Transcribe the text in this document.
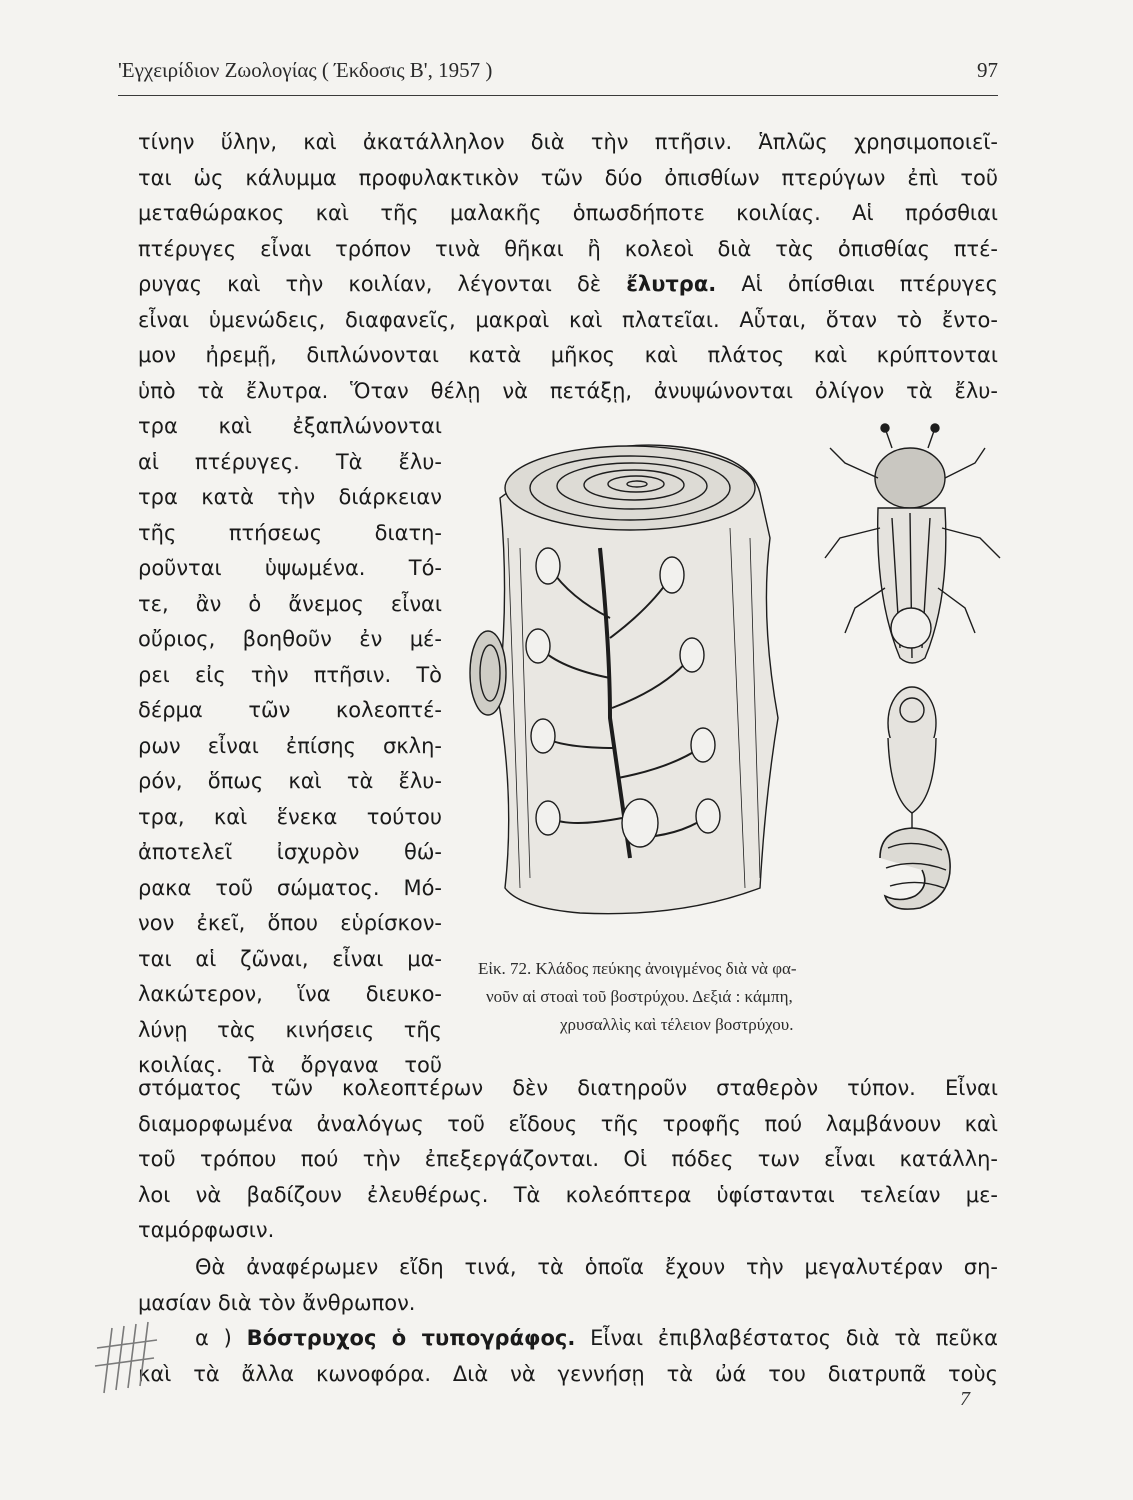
'Εγχειρίδιον Ζωολογίας ( Έκδοσις Β', 1957 )	97
τίνην ὕλην, καὶ ἀκατάλληλον διὰ τὴν πτῆσιν. Ἁπλῶς χρησιμοποιεῖ-
ται ὡς κάλυμμα προφυλακτικὸν τῶν δύο ὀπισθίων πτερύγων ἐπὶ τοῦ
μεταθώρακος καὶ τῆς μαλακῆς ὁπωσδήποτε κοιλίας. Αἱ πρόσθιαι
πτέρυγες εἶναι τρόπον τινὰ θῆκαι ἢ κολεοὶ διὰ τὰς ὀπισθίας πτέ-
ρυγας καὶ τὴν κοιλίαν, λέγονται δὲ ἔλυτρα. Αἱ ὀπίσθιαι πτέρυγες
εἶναι ὑμενώδεις, διαφανεῖς, μακραὶ καὶ πλατεῖαι. Αὗται, ὅταν τὸ ἔντο-
μον ἠρεμῇ, διπλώνονται κατὰ μῆκος καὶ πλάτος καὶ κρύπτονται
ὑπὸ τὰ ἔλυτρα. Ὅταν θέλῃ νὰ πετάξῃ, ἀνυψώνονται ὀλίγον τὰ ἔλυ-
τρα καὶ ἐξαπλώνονται
αἱ πτέρυγες. Τὰ ἔλυ-
τρα κατὰ τὴν διάρκειαν
τῆς πτήσεως διατη-
ροῦνται ὑψωμένα. Τό-
τε, ἂν ὁ ἄνεμος εἶναι
οὔριος, βοηθοῦν ἐν μέ-
ρει εἰς τὴν πτῆσιν. Τὸ
δέρμα τῶν κολεοπτέ-
ρων εἶναι ἐπίσης σκλη-
ρόν, ὅπως καὶ τὰ ἔλυ-
τρα, καὶ ἕνεκα τούτου
ἀποτελεῖ ἰσχυρὸν θώ-
ρακα τοῦ σώματος. Μό-
νον ἐκεῖ, ὅπου εὑρίσκον-
ται αἱ ζῶναι, εἶναι μα-
λακώτερον, ἵνα διευκο-
λύνῃ τὰς κινήσεις τῆς
κοιλίας. Τὰ ὄργανα τοῦ
Εἰκ. 72. Κλάδος πεύκης ἀνοιγμένος διὰ νὰ φα-
νοῦν αἱ στοαὶ τοῦ βοστρύχου. Δεξιά : κάμπη,
χρυσαλλὶς καὶ τέλειον βοστρύχου.
στόματος τῶν κολεοπτέρων δὲν διατηροῦν σταθερὸν τύπον. Εἶναι
διαμορφωμένα ἀναλόγως τοῦ εἴδους τῆς τροφῆς πού λαμβάνουν καὶ
τοῦ τρόπου πού τὴν ἐπεξεργάζονται. Οἱ πόδες των εἶναι κατάλλη-
λοι νὰ βαδίζουν ἐλευθέρως. Τὰ κολεόπτερα ὑφίστανται τελείαν με-
ταμόρφωσιν.
Θὰ ἀναφέρωμεν εἴδη τινά, τὰ ὁποῖα ἔχουν τὴν μεγαλυτέραν ση-
μασίαν διὰ τὸν ἄνθρωπον.
α ) Βόστρυχος ὁ τυπογράφος. Εἶναι ἐπιβλαβέστατος διὰ τὰ πεῦκα
καὶ τὰ ἄλλα κωνοφόρα. Διὰ νὰ γεννήσῃ τὰ ὠά του διατρυπᾶ τοὺς
7
